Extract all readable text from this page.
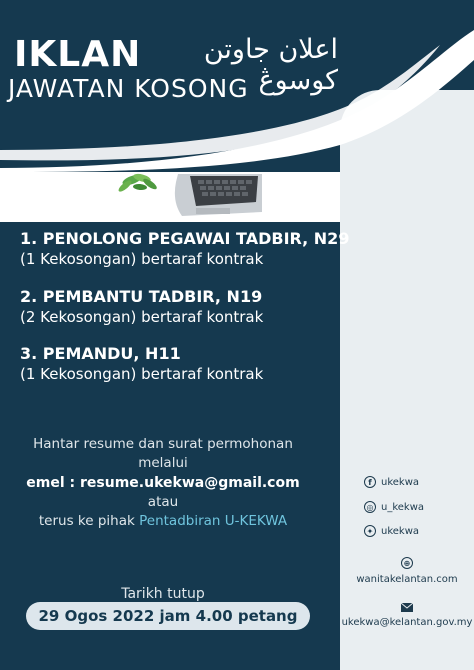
IKLAN	اعلان جاوتن كوسوڠ
JAWATAN KOSONG
1. PENOLONG PEGAWAI TADBIR, N29
(1 Kekosongan) bertaraf kontrak
2. PEMBANTU TADBIR, N19
(2 Kekosongan) bertaraf kontrak
3. PEMANDU, H11
(1 Kekosongan) bertaraf kontrak
Hantar resume dan surat permohonan
melalui
emel : resume.ukekwa@gmail.com
atau
terus ke pihak Pentadbiran U-KEKWA
Tarikh tutup
29 Ogos 2022 jam 4.00 petang
f ukekwa
◎ u_kekwa
✦ ukekwa
⊕
wanitakelantan.com
ukekwa@kelantan.gov.my
